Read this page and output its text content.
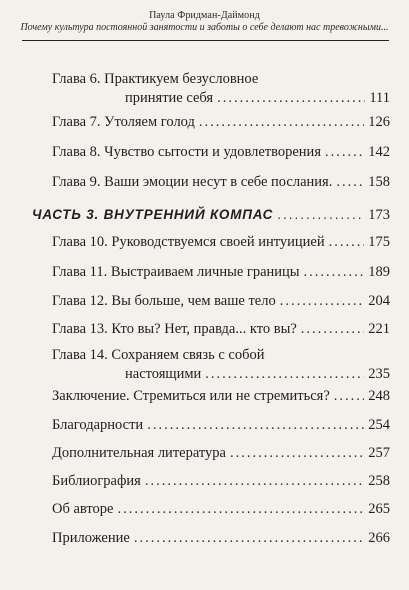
Паула Фридман-Даймонд
Почему культура постоянной занятости и заботы о себе делают нас тревожными...
Глава 6. Практикуем безусловное
принятие себя .....	111
Глава 7. Утоляем голод .....	126
Глава 8. Чувство сытости и удовлетворения .....	142
Глава 9. Ваши эмоции несут в себе послания. ..... 158
ЧАСТЬ 3. ВНУТРЕННИЙ КОМПАС .....	173
Глава 10. Руководствуемся своей интуицией .....	175
Глава 11. Выстраиваем личные границы .....	189
Глава 12. Вы больше, чем ваше тело .....	204
Глава 13. Кто вы? Нет, правда... кто вы? .....	221
Глава 14. Сохраняем связь с собой
настоящими .....	235
Заключение. Стремиться или не стремиться? .....	248
Благодарности .....	254
Дополнительная литература .....	257
Библиография .....	258
Об авторе .....	265
Приложение .....	266
